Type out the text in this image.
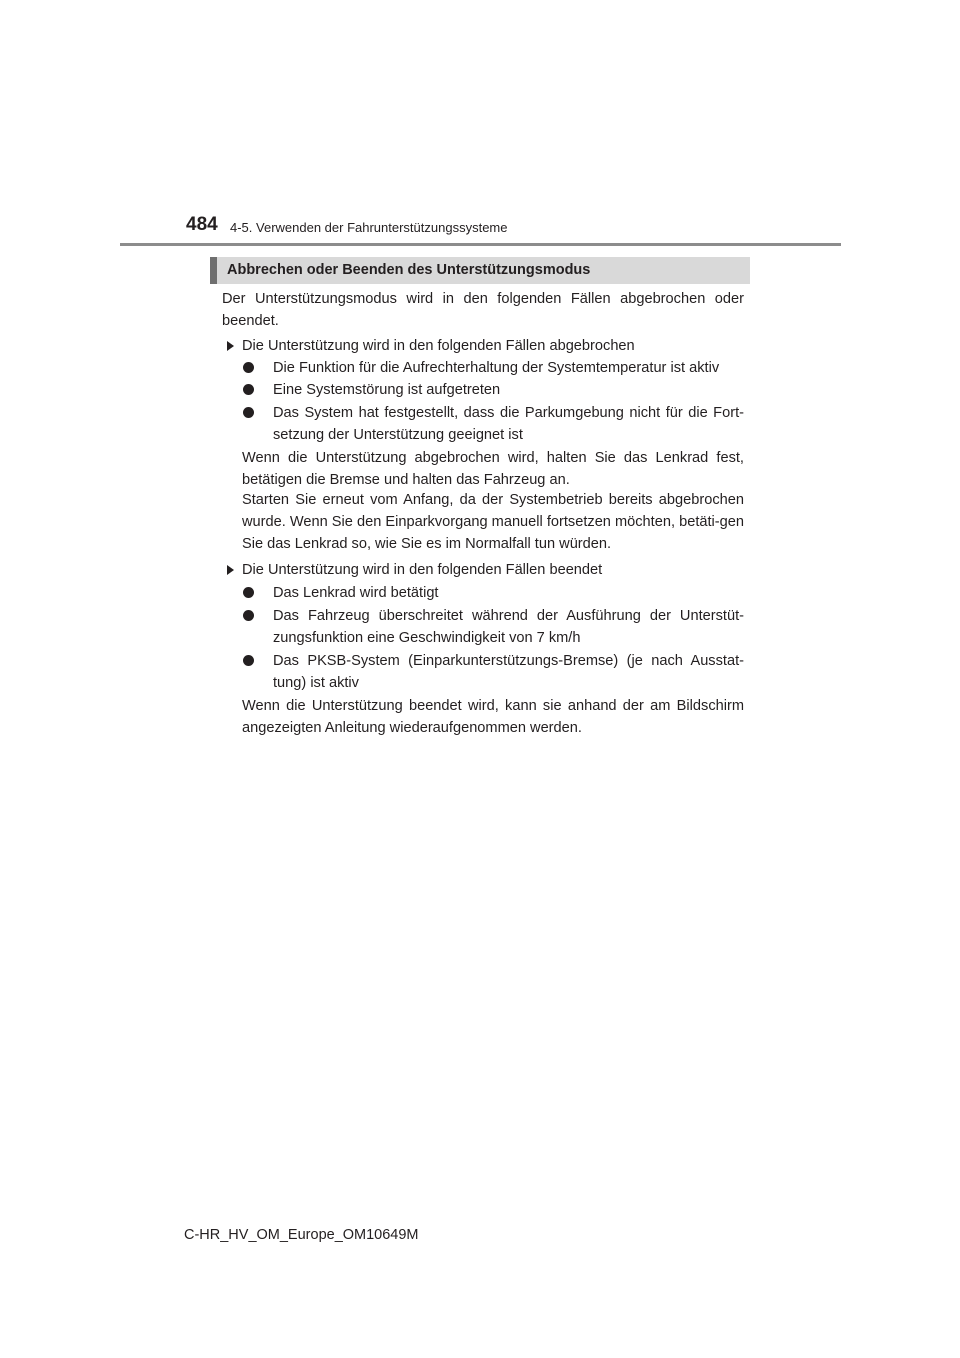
484 4-5. Verwenden der Fahrunterstützungssysteme
Abbrechen oder Beenden des Unterstützungsmodus
Der Unterstützungsmodus wird in den folgenden Fällen abgebrochen oder beendet.
Die Unterstützung wird in den folgenden Fällen abgebrochen
Die Funktion für die Aufrechterhaltung der Systemtemperatur ist aktiv
Eine Systemstörung ist aufgetreten
Das System hat festgestellt, dass die Parkumgebung nicht für die Fort-setzung der Unterstützung geeignet ist
Wenn die Unterstützung abgebrochen wird, halten Sie das Lenkrad fest, betätigen die Bremse und halten das Fahrzeug an.
Starten Sie erneut vom Anfang, da der Systembetrieb bereits abgebrochen wurde. Wenn Sie den Einparkvorgang manuell fortsetzen möchten, betäti-gen Sie das Lenkrad so, wie Sie es im Normalfall tun würden.
Die Unterstützung wird in den folgenden Fällen beendet
Das Lenkrad wird betätigt
Das Fahrzeug überschreitet während der Ausführung der Unterstüt-zungsfunktion eine Geschwindigkeit von 7 km/h
Das PKSB-System (Einparkunterstützungs-Bremse) (je nach Ausstat-tung) ist aktiv
Wenn die Unterstützung beendet wird, kann sie anhand der am Bildschirm angezeigten Anleitung wiederaufgenommen werden.
C-HR_HV_OM_Europe_OM10649M
